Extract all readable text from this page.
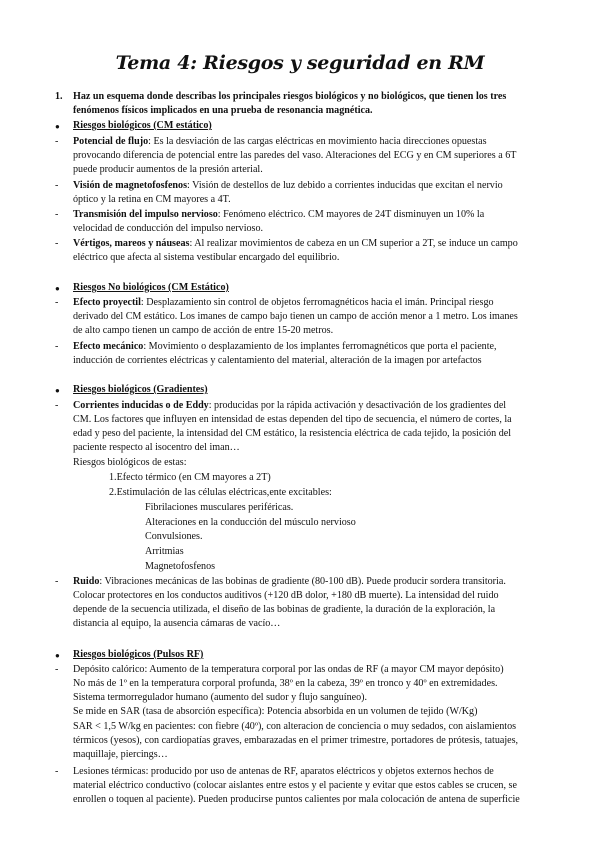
Tema 4: Riesgos y seguridad en RM
1. Haz un esquema donde describas los principales riesgos biológicos y no biológicos, que tienen los tres
fenómenos físicos implicados en una prueba de resonancia magnética.
● Riesgos biológicos (CM estático)
- Potencial de flujo: Es la desviación de las cargas eléctricas en movimiento hacia direcciones opuestas
provocando diferencia de potencial entre las paredes del vaso. Alteraciones del ECG y en CM superiores a 6T
puede producir aumentos de la presión arterial.
- Visión de magnetofosfenos: Visión de destellos de luz debido a corrientes inducidas que excitan el nervio
óptico y la retina en CM mayores a 4T.
- Transmisión del impulso nervioso: Fenómeno eléctrico. CM mayores de 24T disminuyen un 10% la
velocidad de conducción del impulso nervioso.
- Vértigos, mareos y náuseas: Al realizar movimientos de cabeza en un CM superior a 2T, se induce un campo
eléctrico que afecta al sistema vestibular encargado del equilibrio.
● Riesgos No biológicos (CM Estático)
- Efecto proyectil: Desplazamiento sin control de objetos ferromagnéticos hacia el imán. Principal riesgo
derivado del CM estático. Los imanes de campo bajo tienen un campo de acción menor a 1 metro. Los imanes
de alto campo tienen un campo de acción de entre 15-20 metros.
- Efecto mecánico: Movimiento o desplazamiento de los implantes ferromagnéticos que porta el paciente,
inducción de corrientes eléctricas y calentamiento del material, alteración de la imagen por artefactos
● Riesgos biológicos (Gradientes)
- Corrientes inducidas o de Eddy: producidas por la rápida activación y desactivación de los gradientes del
CM. Los factores que influyen en intensidad de estas dependen del tipo de secuencia, el número de cortes, la
edad y peso del paciente, la intensidad del CM estático, la resistencia eléctrica de cada tejido, la posición del
paciente respecto al isocentro del iman…
Riesgos biológicos de estas:
1.Efecto térmico (en CM mayores a 2T)
2.Estimulación de las células eléctricas,ente excitables:
Fibrilaciones musculares periféricas.
Alteraciones en la conducción del músculo nervioso
Convulsiones.
Arritmias
Magnetofosfenos
- Ruido: Vibraciones mecánicas de las bobinas de gradiente (80-100 dB). Puede producir sordera transitoria.
Colocar protectores en los conductos auditivos (+120 dB dolor, +180 dB muerte). La intensidad del ruido
depende de la secuencia utilizada, el diseño de las bobinas de gradiente, la duración de la exploración, la
distancia al equipo, la ausencia cámaras de vacío…
● Riesgos biológicos (Pulsos RF)
- Depósito calórico: Aumento de la temperatura corporal por las ondas de RF (a mayor CM mayor depósito)
No más de 1º en la temperatura corporal profunda, 38º en la cabeza, 39º en tronco y 40º en extremidades.
Sistema termorregulador humano (aumento del sudor y flujo sanguíneo).
Se mide en SAR (tasa de absorción específica): Potencia absorbida en un volumen de tejido (W/Kg)
SAR < 1,5 W/kg en pacientes: con fiebre (40º), con alteracion de conciencia o muy sedados, con aislamientos
térmicos (yesos), con cardiopatías graves, embarazadas en el primer trimestre, portadores de prótesis, tatuajes,
maquillaje, piercings…
- Lesiones térmicas: producido por uso de antenas de RF, aparatos eléctricos y objetos externos hechos de
material eléctrico conductivo (colocar aislantes entre estos y el paciente y evitar que estos cables se crucen, se
enrollen o toquen al paciente). Pueden producirse puntos calientes por mala colocación de antena de superficie
